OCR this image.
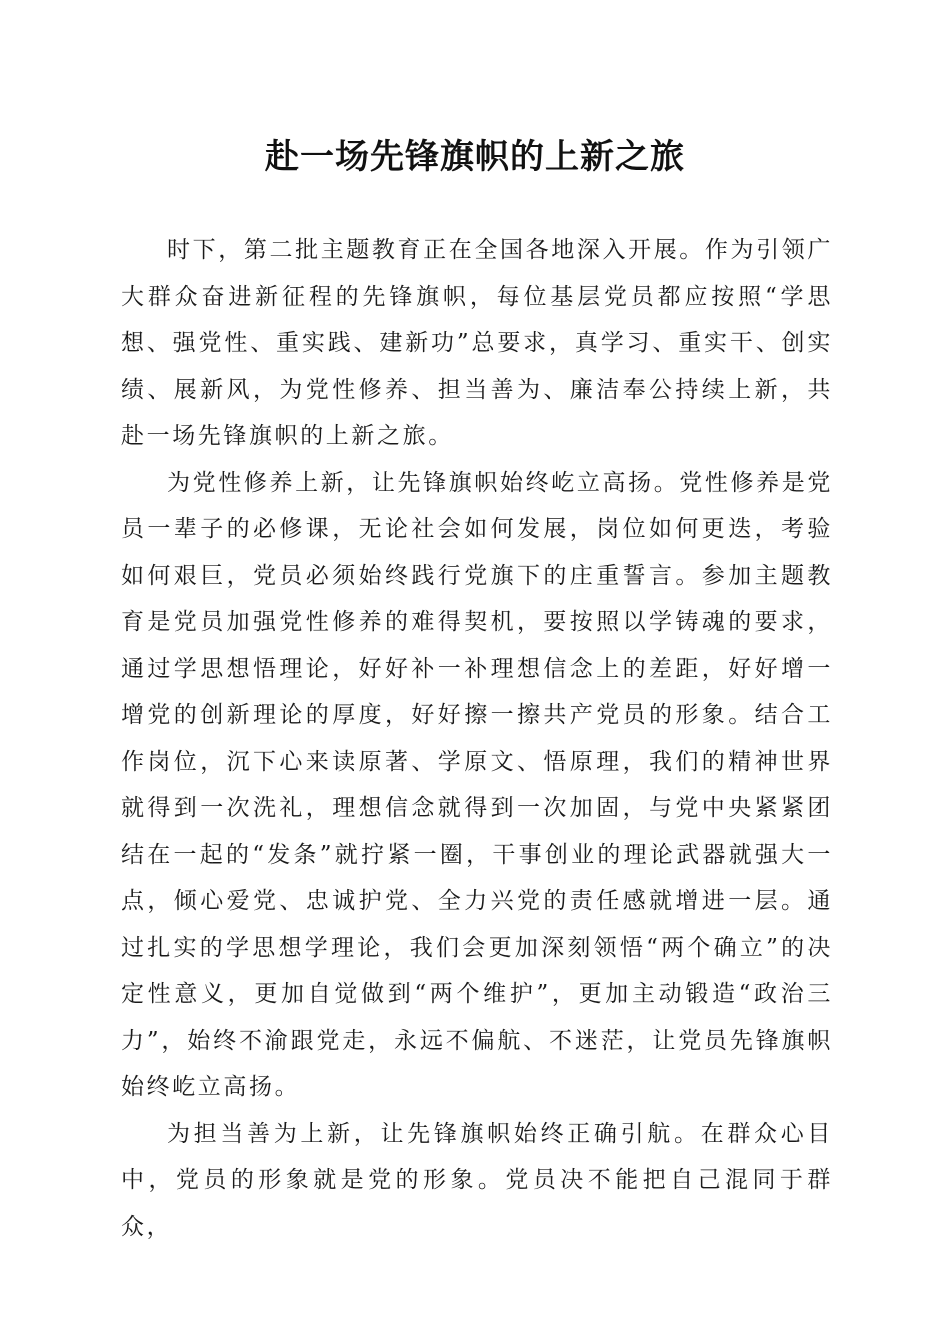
赴一场先锋旗帜的上新之旅

时下，第二批主题教育正在全国各地深入开展。作为引领广大群众奋进新征程的先锋旗帜，每位基层党员都应按照“学思想、强党性、重实践、建新功”总要求，真学习、重实干、创实绩、展新风，为党性修养、担当善为、廉洁奉公持续上新，共赴一场先锋旗帜的上新之旅。

为党性修养上新，让先锋旗帜始终屹立高扬。党性修养是党员一辈子的必修课，无论社会如何发展，岗位如何更迭，考验如何艰巨，党员必须始终践行党旗下的庄重誓言。参加主题教育是党员加强党性修养的难得契机，要按照以学铸魂的要求，通过学思想悟理论，好好补一补理想信念上的差距，好好增一增党的创新理论的厚度，好好擦一擦共产党员的形象。结合工作岗位，沉下心来读原著、学原文、悟原理，我们的精神世界就得到一次洗礼，理想信念就得到一次加固，与党中央紧紧团结在一起的“发条”就拧紧一圈，干事创业的理论武器就强大一点，倾心爱党、忠诚护党、全力兴党的责任感就增进一层。通过扎实的学思想学理论，我们会更加深刻领悟“两个确立”的决定性意义，更加自觉做到“两个维护”，更加主动锻造“政治三力”，始终不渝跟党走，永远不偏航、不迷茫，让党员先锋旗帜始终屹立高扬。

为担当善为上新，让先锋旗帜始终正确引航。在群众心目中，党员的形象就是党的形象。党员决不能把自己混同于群众，
